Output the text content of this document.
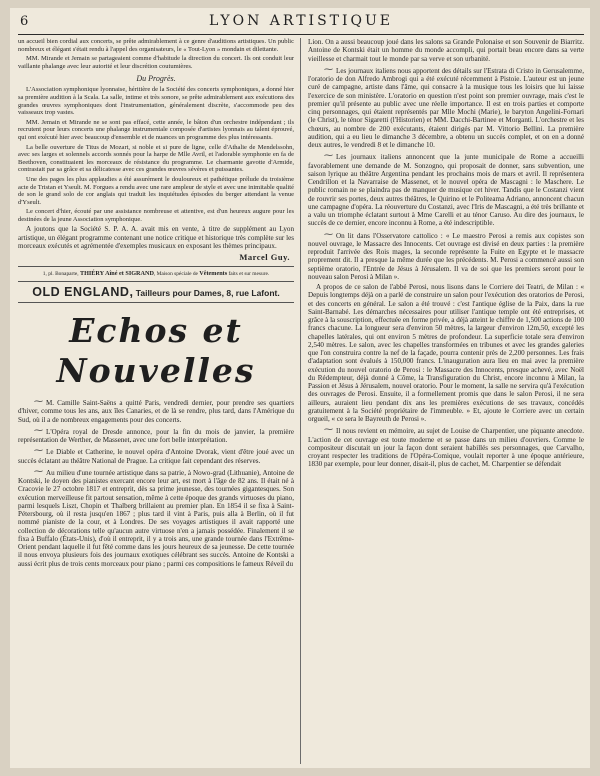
6	LYON ARTISTIQUE

un accueil bien cordial aux concerts, se prête admirablement à ce genre d'auditions artistiques. Un public nombreux et élégant s'était rendu à l'appel des organisateurs, le « Tout-Lyon » mondain et dilettante.

MM. Mirande et Jemain se partageaient comme d'habitude la direction du concert. Ils ont conduit leur vaillante phalange avec leur autorité et leur discrétion coutumières.

Du Progrès.

L'Association symphonique lyonnaise, héritière de la Société des concerts symphoniques, a donné hier sa première audition à la Scala. La salle, intime et très sonore, se prête admirablement aux exécutions des grandes œuvres symphoniques dont l'instrumentation, généralement discrète, s'accommode peu des vaisseaux trop vastes.

MM. Jemain et Mirande ne se sont pas effacé, cette année, le bâton d'un orchestre indépendant ; ils recrutent pour leurs concerts une phalange instrumentale composée d'artistes lyonnais au talent éprouvé, qui ont exécuté hier avec beaucoup d'ensemble et de nuances un programme des plus intéressants.

La belle ouverture de Titus de Mozart, si noble et si pure de ligne, celle d'Athalie de Mendelssohn, avec ses larges et solennels accords sonnés pour la harpe de Mlle Avril, et l'adorable symphonie en fa de Beethoven, constituaient les morceaux de résistance du programme. Le charmante gavotte d'Armide, contrastait par sa grâce et sa délicatesse avec ces grandes œuvres sévères et puissantes.

Une des pages les plus applaudies a été assurément le douloureux et pathétique prélude du troisième acte de Tristan et Yseult. M. Forgues a rendu avec une rare ampleur de style et avec une inimitable qualité de son le grand solo de cor anglais qui traduit les inquiétudes épisodes du berger attendant la venue d'Yseult.

Le concert d'hier, écouté par une assistance nombreuse et attentive, est d'un heureux augure pour les destinées de la jeune Association symphonique.

A joutons que la Société S. P. A. A. avait mis en vente, à titre de supplément au Lyon artistique, un élégant programme contenant une notice critique et historique très complète sur les morceaux exécutés et agrémentée d'exemples musicaux en exposant les thèmes principaux.

Marcel Guy.
1, pl. Bonaparte, THIÉRY Aîné et SIGRAND, Maison spéciale de Vêtements faits et sur mesure.
OLD ENGLAND, Tailleurs pour Dames, 8, rue Lafont.
Echos et Nouvelles

⁓ M. Camille Saint-Saëns a quitté Paris, vendredi dernier, pour prendre ses quartiers d'hiver, comme tous les ans, aux îles Canaries, et de là se rendre, plus tard, dans l'Amérique du Sud, où il a de nombreux engagements pour des concerts.

⁓ L'Opéra royal de Dresde annonce, pour la fin du mois de janvier, la première représentation de Werther, de Massenet, avec une fort belle interprétation.

⁓ Le Diable et Catherine, le nouvel opéra d'Antoine Dvorak, vient d'être joué avec un succès éclatant au théâtre National de Prague. La critique fait cependant des réserves.

⁓ Au milieu d'une tournée artistique dans sa patrie, à Nowo-grad (Lithuanie), Antoine de Kontski, le doyen des pianistes exercant encore leur art, est mort à l'âge de 82 ans. Il était né à Cracovie le 27 octobre 1817 et entreprit, dès sa prime jeunesse, des tournées gigantesques. Son exécution merveilleuse fit partout sensation, même à cette époque des grands virtuoses du piano, parmi lesquels Liszt, Chopin et Thalberg brillaient au premier plan. En 1854 il se fixa à Saint-Pétersbourg, où il resta jusqu'en 1867 ; plus tard il vint à Paris, puis alla à Berlin, où il fut nommé pianiste de la cour, et à Londres. De ses voyages artistiques il avait rapporté une collection de décorations telle qu'aucun autre virtuose n'en a jamais possédée. Finalement il se fixa à Buffalo (États-Unis), d'où il entreprit, il y a trois ans, une grande tournée dans l'Extrême-Orient pendant laquelle il fut fêté comme dans les jours heureux de sa jeunesse. De cette tournée il nous envoya plusieurs fois des journaux exotiques célébrant ses succès. Antoine de Kontski a aussi écrit plus de trois cents morceaux pour piano ; parmi ces compositions le fameux Réveil du

Lion. On a aussi beaucoup joué dans les salons sa Grande Polonaise et son Souvenir de Biarritz. Antoine de Kontski était un homme du monde accompli, qui portait beau encore dans sa verte vieillesse et charmait tout le monde par sa verve et son urbanité.

⁓ Les journaux italiens nous apportent des détails sur l'Estrata di Cristo in Gerusalemme, l'oratorio de don Alfredo Ambrogi qui a été exécuté récemment à Pistoie. L'auteur est un jeune curé de campagne, artiste dans l'âme, qui consacre à la musique tous les loisirs que lui laisse l'exercice de son ministère. L'oratorio en question n'est point son premier ouvrage, mais c'est le premier qu'il présente au public avec une réelle importance. Il est en trois parties et comporte cinq personnages, qui étaient représentés par Mlle Mochi (Marie), le baryton Angelini-Fornari (le Christ), le ténor Sigaretti (l'Historien) et MM. Dacchi-Bartinee et Morganti. L'orchestre et les chœurs, au nombre de 200 exécutants, étaient dirigés par M. Vittorio Bellini. La première audition, qui a eu lieu le dimanche 3 décembre, a obtenu un succès complet, et on en a donné deux autres, le vendredi 8 et le dimanche 10.

⁓ Les journaux italiens annoncent que la junte municipale de Rome a accueilli favorablement une demande de M. Sonzogno, qui proposait de donner, sans subvention, une saison lyrique au théâtre Argentina pendant les prochains mois de mars et avril. Il représentera Cendrillon et la Navarraise de Massenet, et le nouvel opéra de Mascagni : le Maschere. Le public romain ne se plaindra pas de manquer de musique cet hiver. Tandis que le Costanzi vient de rouvrir ses portes, deux autres théâtres, le Quirino et le Politeama Adriano, annoncent chacun une campagne d'opéra. La réouverture du Costanzi, avec l'Iris de Mascagni, a été très brillante et a valu un triomphe éclatant surtout à Mme Carelli et au ténor Caruso. Au dire des journaux, le succès de ce dernier, encore inconnu à Rome, a été indescriptible.

⁓ On lit dans l'Osservatore cattolico : « Le maestro Perosi a remis aux copistes son nouvel ouvrage, le Massacre des Innocents. Cet ouvrage est divisé en deux parties : la première reproduit l'arrivée des Rois mages, la seconde représente la Fuite en Egypte et le massacre proprement dit. Il a presque la même durée que les précédents. M. Perosi a commencé aussi son septième oratorio, l'Entrée de Jésus à Jérusalem. Il va de soi que les premiers seront pour le nouveau salon Perosi à Milan ».

A propos de ce salon de l'abbé Perosi, nous lisons dans le Corriere dei Teatri, de Milan : « Depuis longtemps déjà on a parlé de construire un salon pour l'exécution des oratorios de Perosi, et des concerts en général. Le salon a été trouvé : c'est l'antique église de la Paix, dans la rue Saint-Barnabé. Les démarches nécessaires pour utiliser l'antique temple ont été entreprises, et grâce à la souscription, effectuée en forme privée, a déjà atteint le chiffre de 1,500 actions de 100 francs chacune. La longueur sera d'environ 50 mètres, la largeur d'environ 12m,50, excepté les chapelles latérales, qui ont environ 5 mètres de profondeur. La superficie totale sera d'environ 2,540 mètres. Le salon, avec les chapelles transformées en tribunes et avec les grandes galeries que l'on construira contre la nef de la façade, pourra contenir près de 2,200 personnes. Les frais d'adaptation sont évalués à 150,000 francs. L'inauguration aura lieu en mai avec la première exécution du nouvel oratorio de Perosi : le Massacre des Innocents, presque achevé, avec Noël du Rédempteur, déjà donné à Côme, la Transfiguration du Christ, encore inconnu à Milan, la Passion et Jésus à Jérusalem, nouvel oratorio. Pour le moment, la salle ne servira qu'à l'exécution des ouvrages de Perosi. Ensuite, il a formellement promis que dans le salon Perosi, il ne sera ailleurs, auraient lieu pendant dix ans les premières exécutions de ses travaux, concédés gratuitement à la Société propriétaire de l'immeuble. » Et, ajoute le Corriere avec un certain orgueil, « ce sera le Bayreuth de Perosi ».

⁓ Il nous revient en mémoire, au sujet de Louise de Charpentier, une piquante anecdote. L'action de cet ouvrage est toute moderne et se passe dans un milieu d'ouvriers. Comme le compositeur discutait un jour la façon dont seraient habillés ses personnages, que Carvalho, croyant respecter les traditions de l'Opéra-Comique, voulait reporter à une époque antérieure, 1830 par exemple, pour leur donner, disait-il, plus de cachet, M. Charpentier se défendait
